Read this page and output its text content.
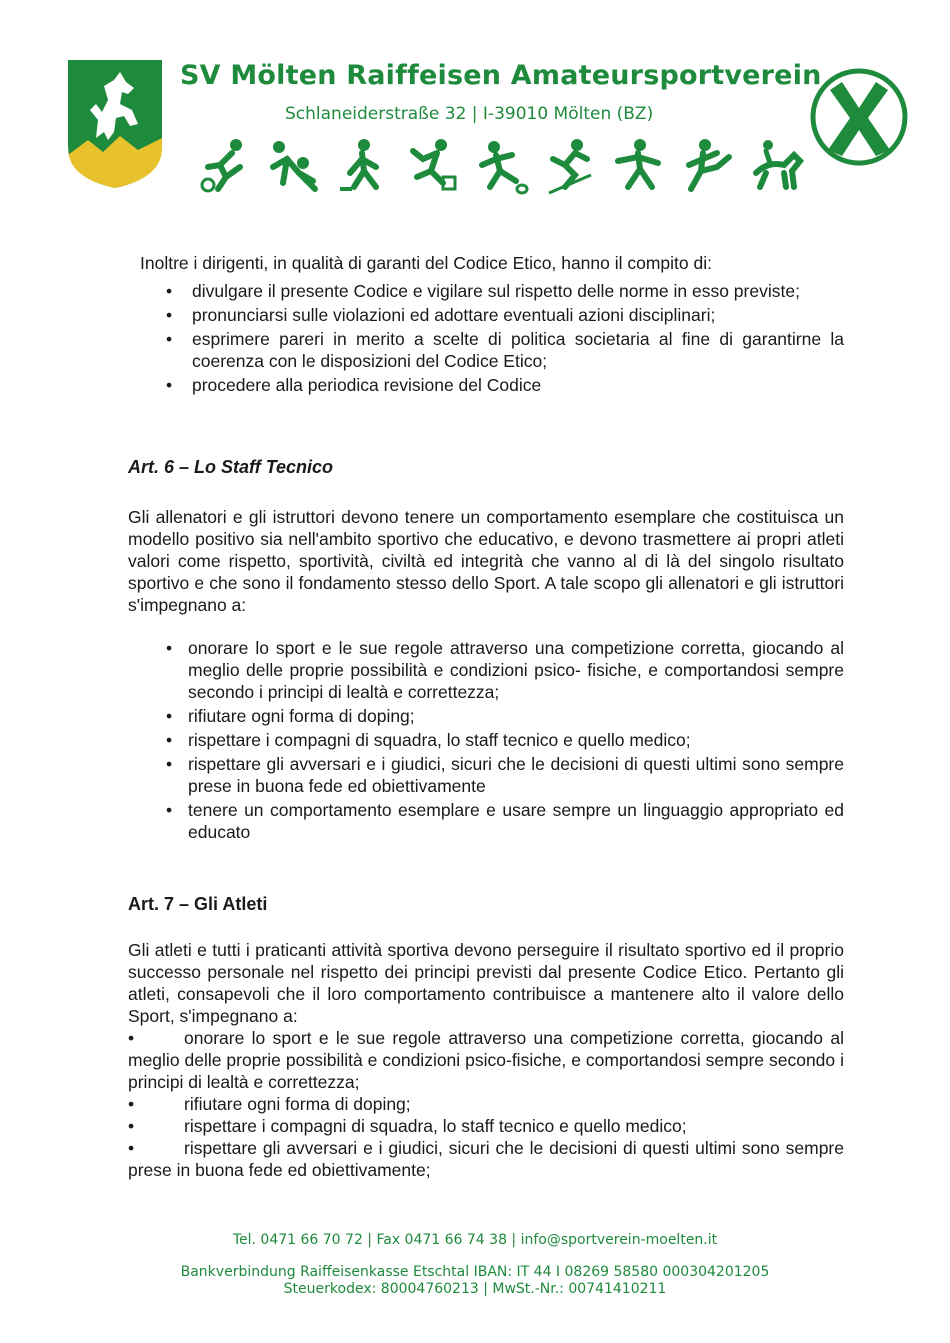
SV Mölten Raiffeisen Amateursportverein
Schlaneiderstraße 32 | I-39010 Mölten (BZ)

Inoltre i dirigenti, in qualità di garanti del Codice Etico, hanno il compito di:

• divulgare il presente Codice e vigilare sul rispetto delle norme in esso previste;
• pronunciarsi sulle violazioni ed adottare eventuali azioni disciplinari;
• esprimere pareri in merito a scelte di politica societaria al fine di garantirne la coerenza con le disposizioni del Codice Etico;
• procedere alla periodica revisione del Codice
Art. 6 – Lo Staff Tecnico

Gli allenatori e gli istruttori devono tenere un comportamento esemplare che costituisca un modello positivo sia nell'ambito sportivo che educativo, e devono trasmettere ai propri atleti valori come rispetto, sportività, civiltà ed integrità che vanno al di là del singolo risultato sportivo e che sono il fondamento stesso dello Sport. A tale scopo gli allenatori e gli istruttori s'impegnano a:

• onorare lo sport e le sue regole attraverso una competizione corretta, giocando al meglio delle proprie possibilità e condizioni psico- fisiche, e comportandosi sempre secondo i principi di lealtà e correttezza;
• rifiutare ogni forma di doping;
• rispettare i compagni di squadra, lo staff tecnico e quello medico;
• rispettare gli avversari e i giudici, sicuri che le decisioni di questi ultimi sono sempre prese in buona fede ed obiettivamente
• tenere un comportamento esemplare e usare sempre un linguaggio appropriato ed educato
Art. 7 – Gli Atleti

Gli atleti e tutti i praticanti attività sportiva devono perseguire il risultato sportivo ed il proprio successo personale nel rispetto dei principi previsti dal presente Codice Etico. Pertanto gli atleti, consapevoli che il loro comportamento contribuisce a mantenere alto il valore dello Sport, s'impegnano a:

•	onorare lo sport e le sue regole attraverso una competizione corretta, giocando al meglio delle proprie possibilità e condizioni psico-fisiche, e comportandosi sempre secondo i principi di lealtà e correttezza;

•	rifiutare ogni forma di doping;

•	rispettare i compagni di squadra, lo staff tecnico e quello medico;

•	rispettare gli avversari e i giudici, sicuri che le decisioni di questi ultimi sono sempre prese in buona fede ed obiettivamente;

Tel. 0471 66 70 72 | Fax 0471 66 74 38 | info@sportverein-moelten.it

Bankverbindung Raiffeisenkasse Etschtal IBAN: IT 44 I 08269 58580 000304201205

Steuerkodex: 80004760213 | MwSt.-Nr.: 00741410211
